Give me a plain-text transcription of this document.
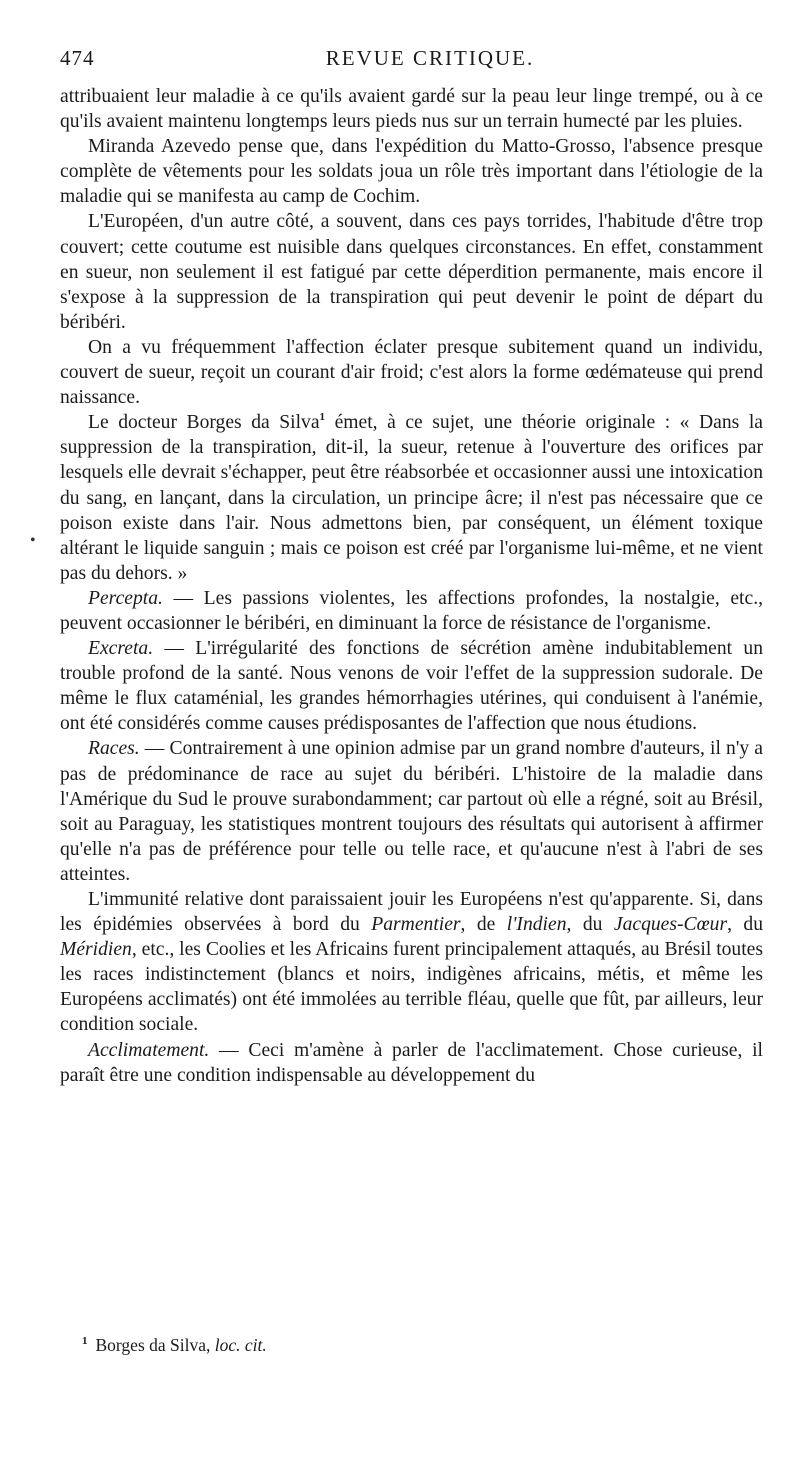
474	REVUE CRITIQUE.
•

attribuaient leur maladie à ce qu'ils avaient gardé sur la peau leur linge trempé, ou à ce qu'ils avaient maintenu longtemps leurs pieds nus sur un terrain humecté par les pluies.

Miranda Azevedo pense que, dans l'expédition du Matto-Grosso, l'absence presque complète de vêtements pour les soldats joua un rôle très important dans l'étiologie de la maladie qui se manifesta au camp de Cochim.

L'Européen, d'un autre côté, a souvent, dans ces pays torrides, l'habitude d'être trop couvert; cette coutume est nuisible dans quelques circonstances. En effet, constamment en sueur, non seulement il est fatigué par cette déperdition permanente, mais encore il s'expose à la suppression de la transpiration qui peut devenir le point de départ du béribéri.

On a vu fréquemment l'affection éclater presque subitement quand un individu, couvert de sueur, reçoit un courant d'air froid; c'est alors la forme œdémateuse qui prend naissance.

Le docteur Borges da Silva$^1$ émet, à ce sujet, une théorie originale : « Dans la suppression de la transpiration, dit-il, la sueur, retenue à l'ouverture des orifices par lesquels elle devrait s'échapper, peut être réabsorbée et occasionner aussi une intoxication du sang, en lançant, dans la circulation, un principe âcre; il n'est pas nécessaire que ce poison existe dans l'air. Nous admettons bien, par conséquent, un élément toxique altérant le liquide sanguin ; mais ce poison est créé par l'organisme lui-même, et ne vient pas du dehors. »

Percepta. — Les passions violentes, les affections profondes, la nostalgie, etc., peuvent occasionner le béribéri, en diminuant la force de résistance de l'organisme.

Excreta. — L'irrégularité des fonctions de sécrétion amène indubitablement un trouble profond de la santé. Nous venons de voir l'effet de la suppression sudorale. De même le flux cataménial, les grandes hémorrhagies utérines, qui conduisent à l'anémie, ont été considérés comme causes prédisposantes de l'affection que nous étudions.

Races. — Contrairement à une opinion admise par un grand nombre d'auteurs, il n'y a pas de prédominance de race au sujet du béribéri. L'histoire de la maladie dans l'Amérique du Sud le prouve surabondamment; car partout où elle a régné, soit au Brésil, soit au Paraguay, les statistiques montrent toujours des résultats qui autorisent à affirmer qu'elle n'a pas de préférence pour telle ou telle race, et qu'aucune n'est à l'abri de ses atteintes.

L'immunité relative dont paraissaient jouir les Européens n'est qu'apparente. Si, dans les épidémies observées à bord du Parmentier, de l'Indien, du Jacques-Cœur, du Méridien, etc., les Coolies et les Africains furent principalement attaqués, au Brésil toutes les races indistinctement (blancs et noirs, indigènes africains, métis, et même les Européens acclimatés) ont été immolées au terrible fléau, quelle que fût, par ailleurs, leur condition sociale.

Acclimatement. — Ceci m'amène à parler de l'acclimatement. Chose curieuse, il paraît être une condition indispensable au développement du

$^1$ Borges da Silva, loc. cit.
